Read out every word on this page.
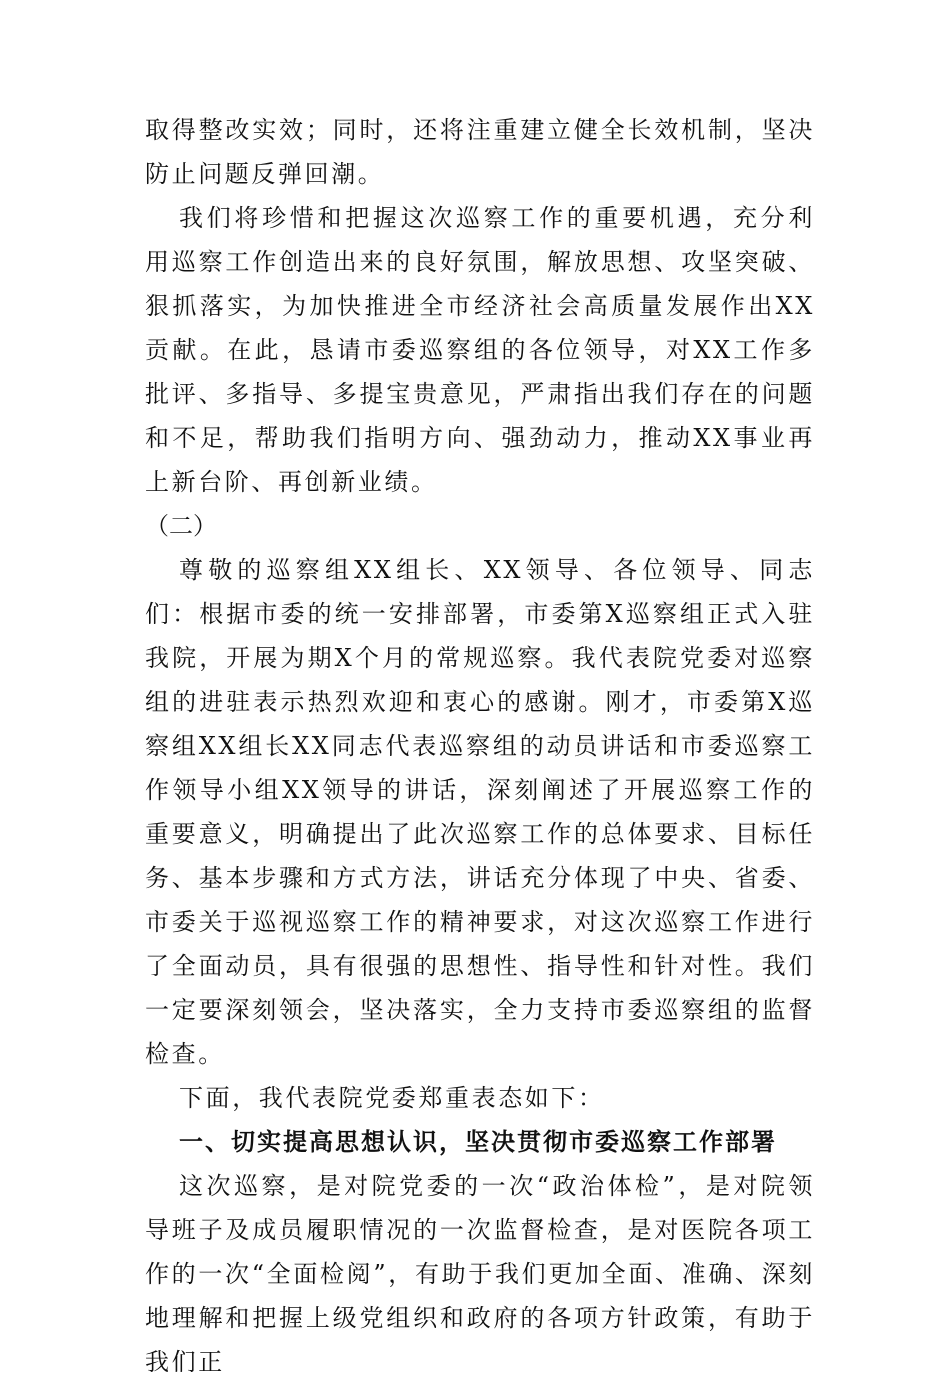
取得整改实效；同时，还将注重建立健全长效机制，坚决防止问题反弹回潮。

我们将珍惜和把握这次巡察工作的重要机遇，充分利用巡察工作创造出来的良好氛围，解放思想、攻坚突破、狠抓落实，为加快推进全市经济社会高质量发展作出XX贡献。在此，恳请市委巡察组的各位领导，对XX工作多批评、多指导、多提宝贵意见，严肃指出我们存在的问题和不足，帮助我们指明方向、强劲动力，推动XX事业再上新台阶、再创新业绩。

（二）

尊敬的巡察组XX组长、XX领导、各位领导、同志们：根据市委的统一安排部署，市委第X巡察组正式入驻我院，开展为期X个月的常规巡察。我代表院党委对巡察组的进驻表示热烈欢迎和衷心的感谢。刚才，市委第X巡察组XX组长XX同志代表巡察组的动员讲话和市委巡察工作领导小组XX领导的讲话，深刻阐述了开展巡察工作的重要意义，明确提出了此次巡察工作的总体要求、目标任务、基本步骤和方式方法，讲话充分体现了中央、省委、市委关于巡视巡察工作的精神要求，对这次巡察工作进行了全面动员，具有很强的思想性、指导性和针对性。我们一定要深刻领会，坚决落实，全力支持市委巡察组的监督检查。

下面，我代表院党委郑重表态如下：

一、切实提高思想认识，坚决贯彻市委巡察工作部署

这次巡察，是对院党委的一次“政治体检”，是对院领导班子及成员履职情况的一次监督检查，是对医院各项工作的一次“全面检阅”，有助于我们更加全面、准确、深刻地理解和把握上级党组织和政府的各项方针政策，有助于我们正
